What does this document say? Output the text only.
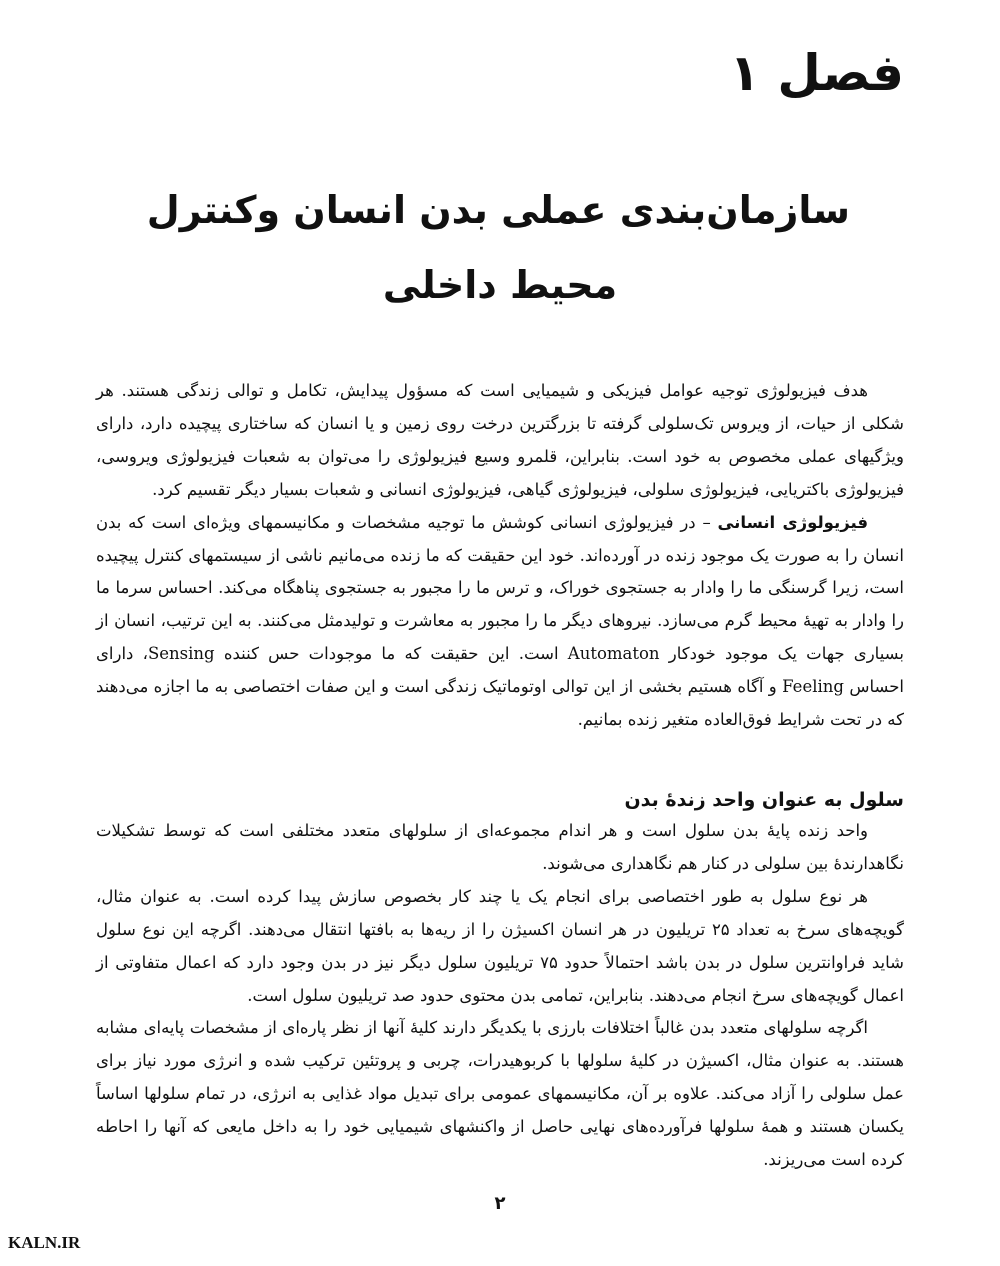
فصل ۱
سازمان‌بندی عملی بدن انسان وکنترل
محیط داخلی

هدف فیزیولوژی توجیه عوامل فیزیکی و شیمیایی است که مسؤول پیدایش، تکامل و توالی زندگی هستند. هر شکلی از حیات، از ویروس تک‌سلولی گرفته تا بزرگترین درخت روی زمین و یا انسان که ساختاری پیچیده دارد، دارای ویژگیهای عملی مخصوص به خود است. بنابراین، قلمرو وسیع فیزیولوژی را می‌توان به شعبات فیزیولوژی ویروسی، فیزیولوژی باکتریایی، فیزیولوژی سلولی، فیزیولوژی گیاهی، فیزیولوژی انسانی و شعبات بسیار دیگر تقسیم کرد.

فیزیولوژی انسانی – در فیزیولوژی انسانی کوشش ما توجیه مشخصات و مکانیسمهای ویژه‌ای است که بدن انسان را به صورت یک موجود زنده در آورده‌اند. خود این حقیقت که ما زنده می‌مانیم ناشی از سیستمهای کنترل پیچیده است، زیرا گرسنگی ما را وادار به جستجوی خوراک، و ترس ما را مجبور به جستجوی پناهگاه می‌کند. احساس سرما ما را وادار به تهیهٔ محیط گرم می‌سازد. نیروهای دیگر ما را مجبور به معاشرت و تولیدمثل می‌کنند. به این ترتیب، انسان از بسیاری جهات یک موجود خودکار Automaton است. این حقیقت که ما موجودات حس کننده Sensing، دارای احساس Feeling و آگاه هستیم بخشی از این توالی اوتوماتیک زندگی است و این صفات اختصاصی به ما اجازه می‌دهند که در تحت شرایط فوق‌العاده متغیر زنده بمانیم.

سلول به عنوان واحد زندهٔ بدن

واحد زنده پایهٔ بدن سلول است و هر اندام مجموعه‌ای از سلولهای متعدد مختلفی است که توسط تشکیلات نگاهدارندهٔ بین سلولی در کنار هم نگاهداری می‌شوند.

هر نوع سلول به طور اختصاصی برای انجام یک یا چند کار بخصوص سازش پیدا کرده است. به عنوان مثال، گویچه‌های سرخ به تعداد ۲۵ تریلیون در هر انسان اکسیژن را از ریه‌ها به بافتها انتقال می‌دهند. اگرچه این نوع سلول شاید فراوانترین سلول در بدن باشد احتمالاً حدود ۷۵ تریلیون سلول دیگر نیز در بدن وجود دارد که اعمال متفاوتی از اعمال گویچه‌های سرخ انجام می‌دهند. بنابراین، تمامی بدن محتوی حدود صد تریلیون سلول است.

اگرچه سلولهای متعدد بدن غالباً اختلافات بارزی با یکدیگر دارند کلیهٔ آنها از نظر پاره‌ای از مشخصات پایه‌ای مشابه هستند. به عنوان مثال، اکسیژن در کلیهٔ سلولها با کربوهیدرات، چربی و پروتئین ترکیب شده و انرژی مورد نیاز برای عمل سلولی را آزاد می‌کند. علاوه بر آن، مکانیسمهای عمومی برای تبدیل مواد غذایی به انرژی، در تمام سلولها اساساً یکسان هستند و همهٔ سلولها فرآورده‌های نهایی حاصل از واکنشهای شیمیایی خود را به داخل مایعی که آنها را احاطه کرده است می‌ریزند.

۲
KALN.IR
